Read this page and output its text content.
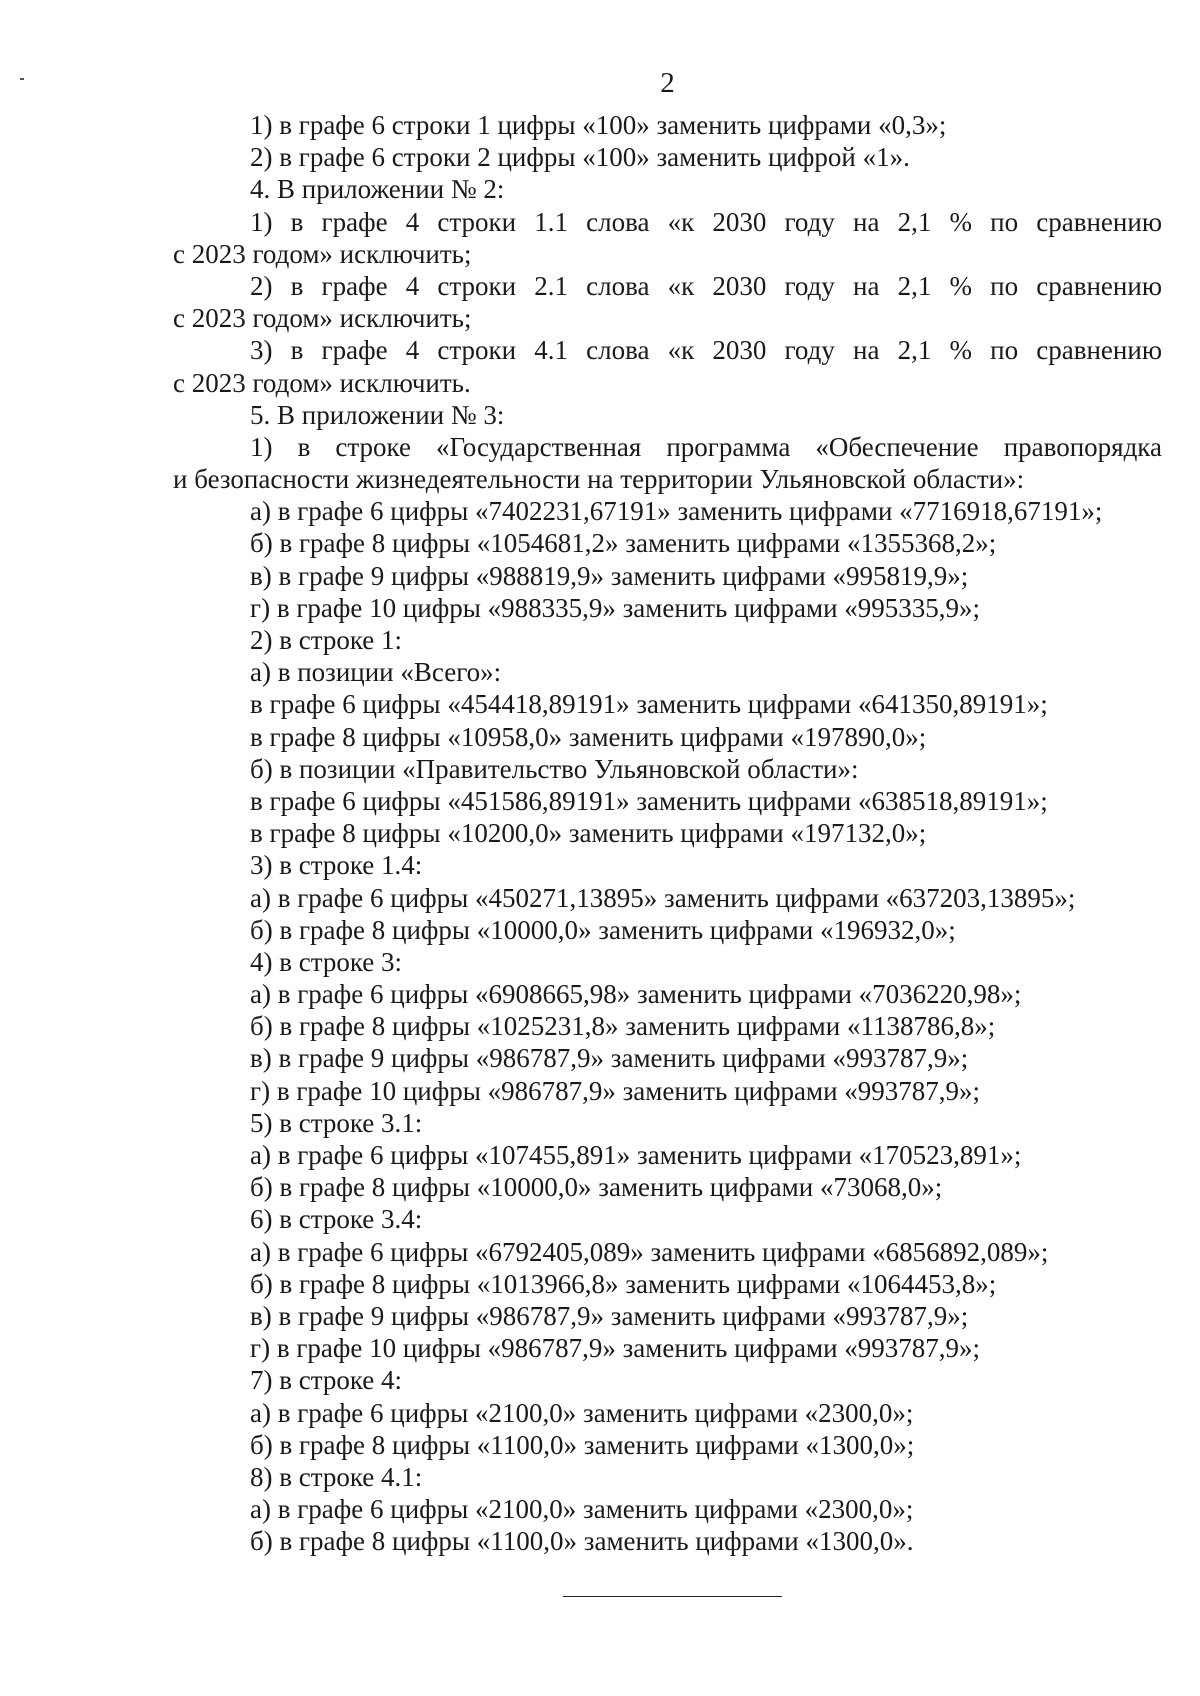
2
1) в графе 6 строки 1 цифры «100» заменить цифрами «0,3»;
2) в графе 6 строки 2 цифры «100» заменить цифрой «1».
4. В приложении № 2:
1) в графе 4 строки 1.1 слова «к 2030 году на 2,1 % по сравнению
с 2023 годом» исключить;
2) в графе 4 строки 2.1 слова «к 2030 году на 2,1 % по сравнению
с 2023 годом» исключить;
3) в графе 4 строки 4.1 слова «к 2030 году на 2,1 % по сравнению
с 2023 годом» исключить.
5. В приложении № 3:
1) в строке «Государственная программа «Обеспечение правопорядка
и безопасности жизнедеятельности на территории Ульяновской области»:
а) в графе 6 цифры «7402231,67191» заменить цифрами «7716918,67191»;
б) в графе 8 цифры «1054681,2» заменить цифрами «1355368,2»;
в) в графе 9 цифры «988819,9» заменить цифрами «995819,9»;
г) в графе 10 цифры «988335,9» заменить цифрами «995335,9»;
2) в строке 1:
а) в позиции «Всего»:
в графе 6 цифры «454418,89191» заменить цифрами «641350,89191»;
в графе 8 цифры «10958,0» заменить цифрами «197890,0»;
б) в позиции «Правительство Ульяновской области»:
в графе 6 цифры «451586,89191» заменить цифрами «638518,89191»;
в графе 8 цифры «10200,0» заменить цифрами «197132,0»;
3) в строке 1.4:
а) в графе 6 цифры «450271,13895» заменить цифрами «637203,13895»;
б) в графе 8 цифры «10000,0» заменить цифрами «196932,0»;
4) в строке 3:
а) в графе 6 цифры «6908665,98» заменить цифрами «7036220,98»;
б) в графе 8 цифры «1025231,8» заменить цифрами «1138786,8»;
в) в графе 9 цифры «986787,9» заменить цифрами «993787,9»;
г) в графе 10 цифры «986787,9» заменить цифрами «993787,9»;
5) в строке 3.1:
а) в графе 6 цифры «107455,891» заменить цифрами «170523,891»;
б) в графе 8 цифры «10000,0» заменить цифрами «73068,0»;
6) в строке 3.4:
а) в графе 6 цифры «6792405,089» заменить цифрами «6856892,089»;
б) в графе 8 цифры «1013966,8» заменить цифрами «1064453,8»;
в) в графе 9 цифры «986787,9» заменить цифрами «993787,9»;
г) в графе 10 цифры «986787,9» заменить цифрами «993787,9»;
7) в строке 4:
а) в графе 6 цифры «2100,0» заменить цифрами «2300,0»;
б) в графе 8 цифры «1100,0» заменить цифрами «1300,0»;
8) в строке 4.1:
а) в графе 6 цифры «2100,0» заменить цифрами «2300,0»;
б) в графе 8 цифры «1100,0» заменить цифрами «1300,0».
